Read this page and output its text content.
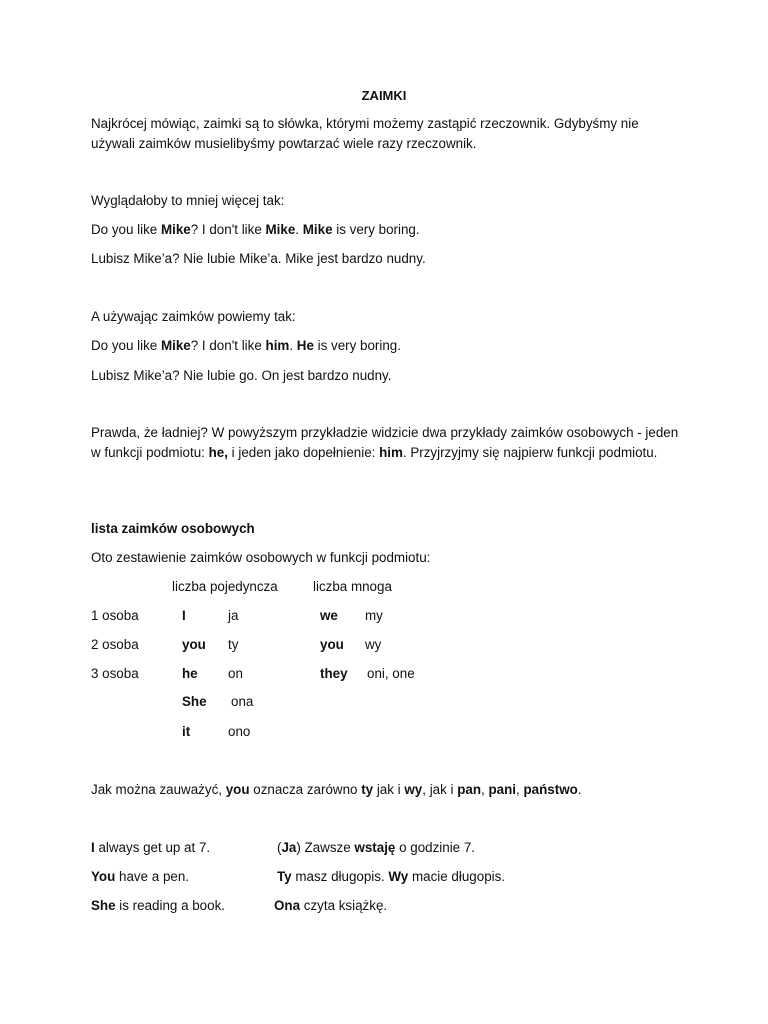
ZAIMKI
Najkrócej mówiąc, zaimki są to słówka, którymi możemy zastąpić rzeczownik. Gdybyśmy nie używali zaimków musielibyśmy powtarzać wiele razy rzeczownik.
Wyglądałoby to mniej więcej tak:
Do you like Mike? I don't like Mike. Mike is very boring.
Lubisz Mike’a? Nie lubie Mike’a. Mike jest bardzo nudny.
A używając zaimków powiemy tak:
Do you like Mike? I don't like him. He is very boring.
Lubisz Mike’a? Nie lubie go. On jest bardzo nudny.
Prawda, że ładniej? W powyższym przykładzie widzicie dwa przykłady zaimków osobowych - jeden w funkcji podmiotu: he, i jeden jako dopełnienie: him. Przyjrzyjmy się najpierw funkcji podmiotu.
lista zaimków osobowych
Oto zestawienie zaimków osobowych w funkcji podmiotu:
liczba pojedyncza	liczba mnoga
1 osoba	I	ja	we my
2 osoba	you ty	you wy
3 osoba	he on	they oni, one
She ona
it	ono
Jak można zauważyć, you oznacza zarówno ty jak i wy, jak i pan, pani, państwo.
I always get up at 7.	(Ja) Zawsze wstaję o godzinie 7.
You have a pen.	Ty masz długopis. Wy macie długopis.
She is reading a book.	Ona czyta książkę.
